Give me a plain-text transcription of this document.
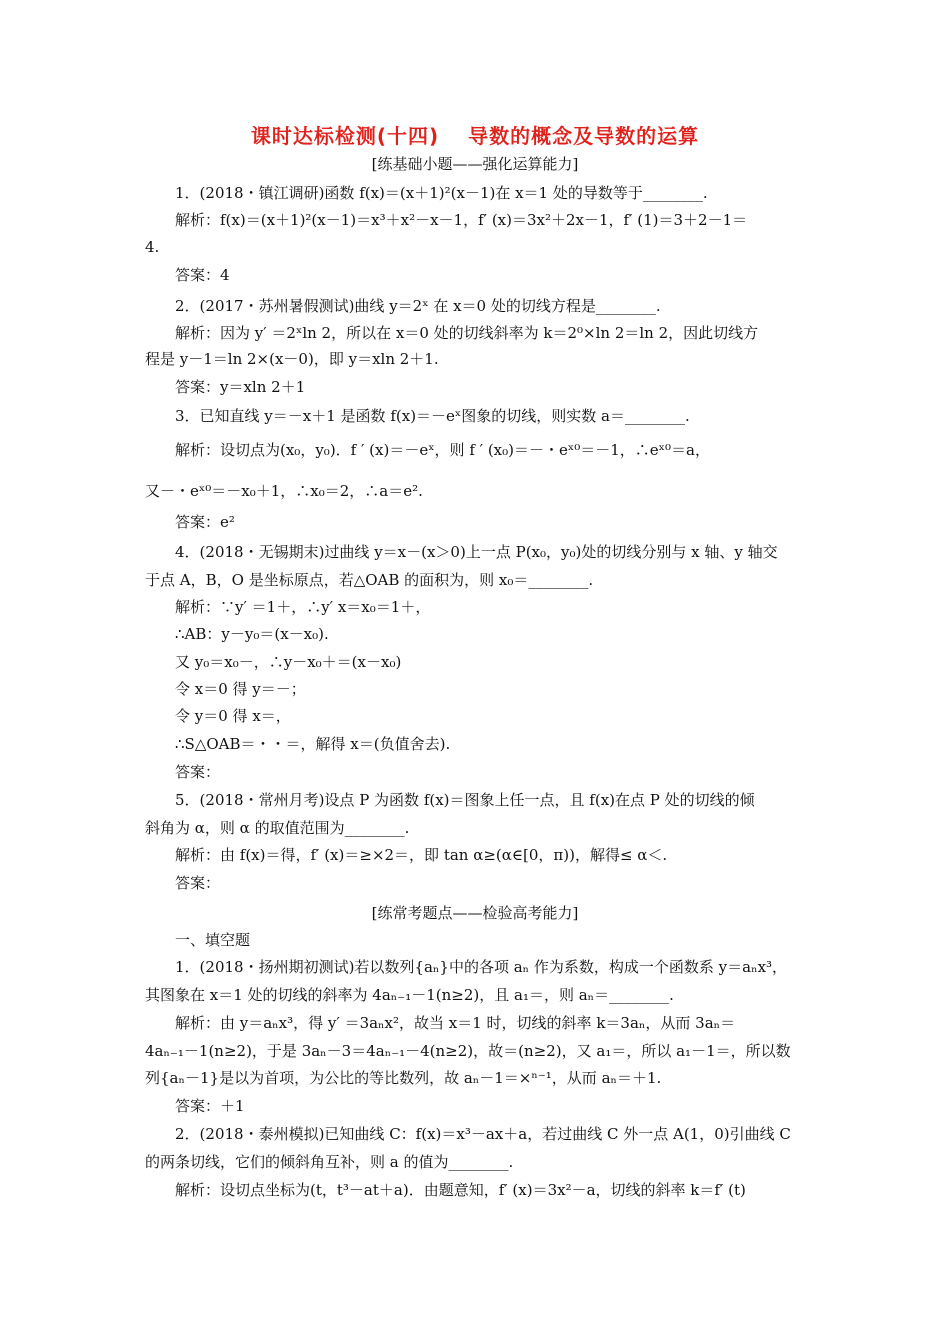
课时达标检测(十四)　 导数的概念及导数的运算
[练基础小题——强化运算能力]
1．(2018・镇江调研)函数 f(x)＝(x＋1)²(x－1)在 x＝1 处的导数等于________.
解析：f(x)＝(x＋1)²(x－1)＝x³＋x²－x－1，f′ (x)＝3x²＋2x－1，f′ (1)＝3＋2－1＝
4.
答案：4
2．(2017・苏州暑假测试)曲线 y＝2ˣ 在 x＝0 处的切线方程是________.
解析：因为 y′ ＝2ˣln 2，所以在 x＝0 处的切线斜率为 k＝2⁰×ln 2＝ln 2，因此切线方
程是 y－1＝ln 2×(x－0)，即 y＝xln 2＋1.
答案：y＝xln 2＋1
3．已知直线 y＝－x＋1 是函数 f(x)＝－eˣ图象的切线，则实数 a＝________.
解析：设切点为(x₀，y₀)．f ′ (x)＝－eˣ，则 f ′ (x₀)＝－・eˣ⁰＝－1，∴eˣ⁰＝a，
又－・eˣ⁰＝－x₀＋1，∴x₀＝2，∴a＝e².
答案：e²
4．(2018・无锡期末)过曲线 y＝x－(x＞0)上一点 P(x₀，y₀)处的切线分别与 x 轴、y 轴交
于点 A，B，O 是坐标原点，若△OAB 的面积为，则 x₀＝________.
解析：∵y′ ＝1＋，∴y′ x＝x₀＝1＋，
∴AB：y－y₀＝(x－x₀).
又 y₀＝x₀－，∴y－x₀＋＝(x－x₀)
令 x＝0 得 y＝－；
令 y＝0 得 x＝，
∴S△OAB＝・・＝，解得 x＝(负值舍去).
答案：
5．(2018・常州月考)设点 P 为函数 f(x)＝图象上任一点，且 f(x)在点 P 处的切线的倾
斜角为 α，则 α 的取值范围为________.
解析：由 f(x)＝得，f′ (x)＝≥×2＝，即 tan α≥(α∈[0，π))，解得≤ α＜.
答案：
[练常考题点——检验高考能力]
一、填空题
1．(2018・扬州期初测试)若以数列{aₙ}中的各项 aₙ 作为系数，构成一个函数系 y＝aₙx³，
其图象在 x＝1 处的切线的斜率为 4aₙ₋₁－1(n≥2)，且 a₁＝，则 aₙ＝________.
解析：由 y＝aₙx³，得 y′ ＝3aₙx²，故当 x＝1 时，切线的斜率 k＝3aₙ，从而 3aₙ＝
4aₙ₋₁－1(n≥2)，于是 3aₙ－3＝4aₙ₋₁－4(n≥2)，故＝(n≥2)，又 a₁＝，所以 a₁－1＝，所以数
列{aₙ－1}是以为首项，为公比的等比数列，故 aₙ－1＝×ⁿ⁻¹，从而 aₙ＝＋1.
答案：＋1
2．(2018・泰州模拟)已知曲线 C：f(x)＝x³－ax＋a，若过曲线 C 外一点 A(1，0)引曲线 C
的两条切线，它们的倾斜角互补，则 a 的值为________.
解析：设切点坐标为(t，t³－at＋a)．由题意知，f′ (x)＝3x²－a，切线的斜率 k＝f′ (t)
